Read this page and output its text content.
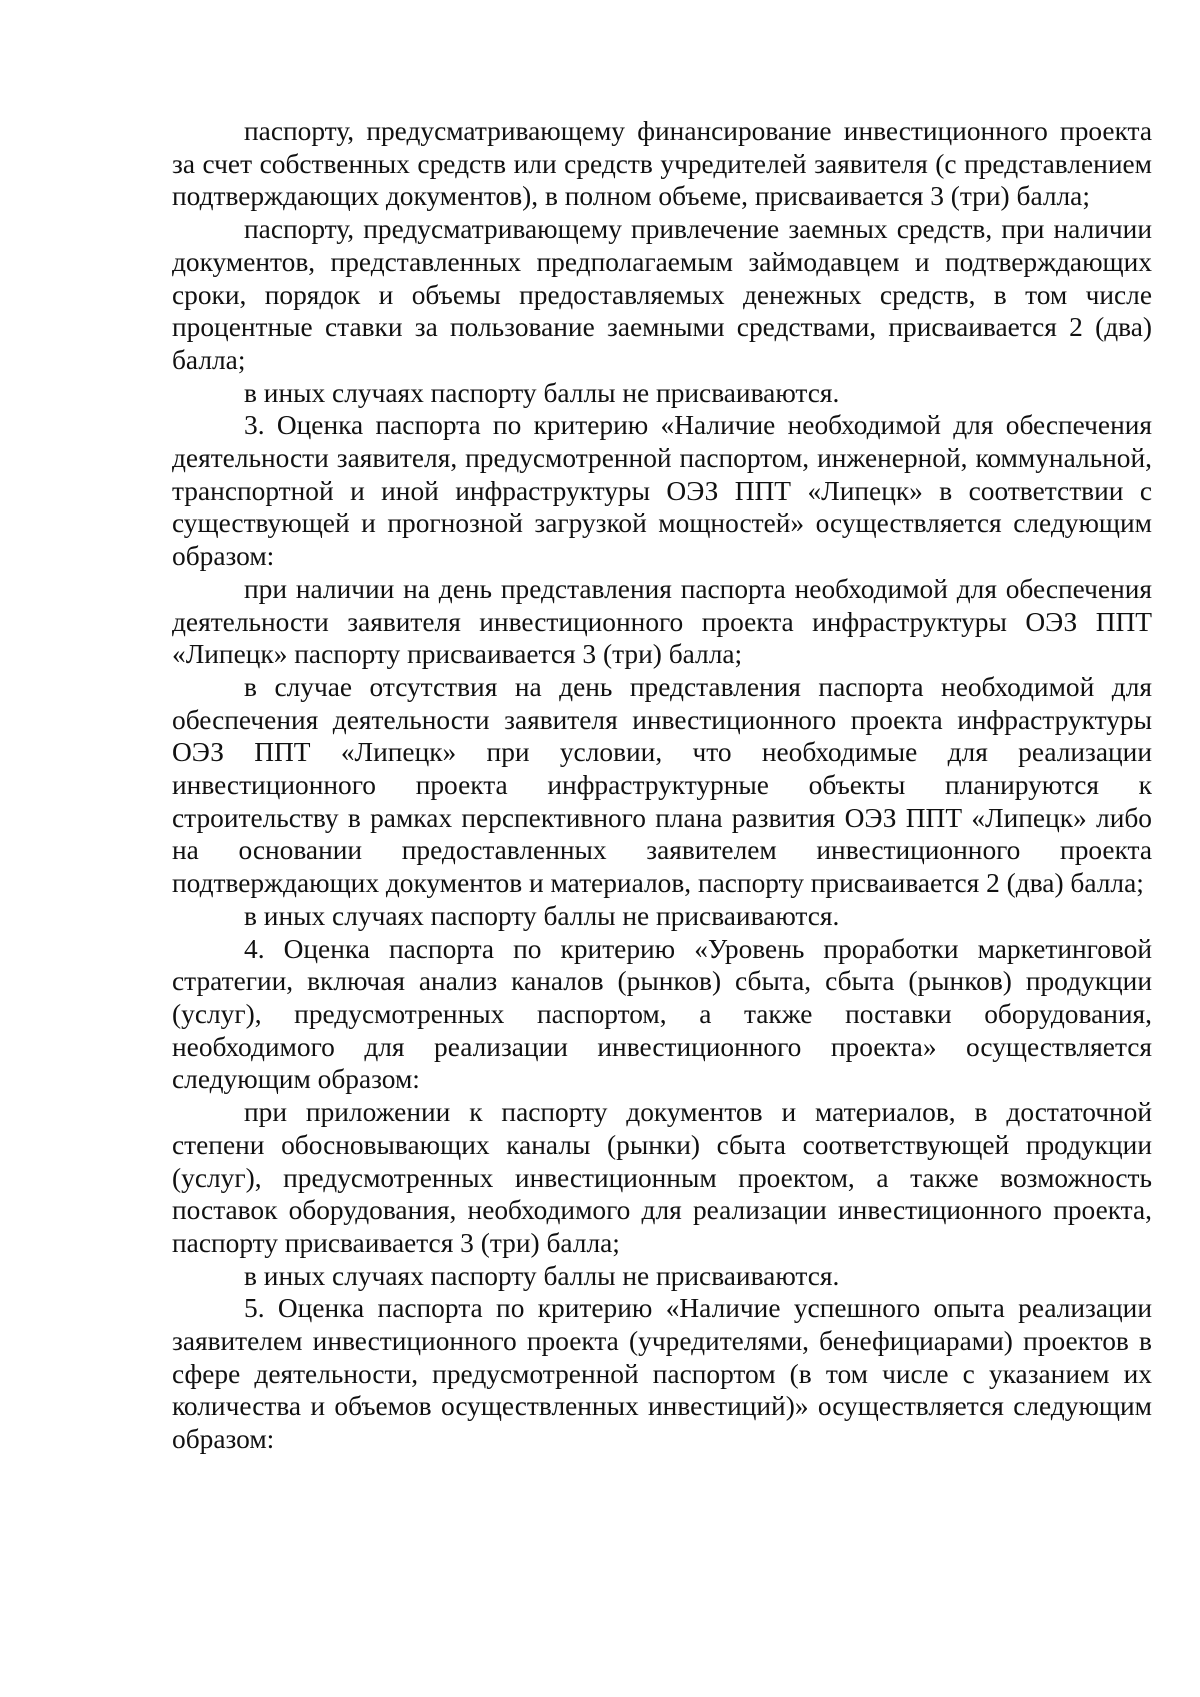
паспорту, предусматривающему финансирование инвестиционного проекта за счет собственных средств или средств учредителей заявителя (с представлением подтверждающих документов), в полном объеме, присваивается 3 (три) балла;

паспорту, предусматривающему привлечение заемных средств, при наличии документов, представленных предполагаемым займодавцем и подтверждающих сроки, порядок и объемы предоставляемых денежных средств, в том числе процентные ставки за пользование заемными средствами, присваивается 2 (два) балла;

в иных случаях паспорту баллы не присваиваются.

3. Оценка паспорта по критерию «Наличие необходимой для обеспечения деятельности заявителя, предусмотренной паспортом, инженерной, коммунальной, транспортной и иной инфраструктуры ОЭЗ ППТ «Липецк» в соответствии с существующей и прогнозной загрузкой мощностей» осуществляется следующим образом:

при наличии на день представления паспорта необходимой для обеспечения деятельности заявителя инвестиционного проекта инфраструктуры ОЭЗ ППТ «Липецк» паспорту присваивается 3 (три) балла;

в случае отсутствия на день представления паспорта необходимой для обеспечения деятельности заявителя инвестиционного проекта инфраструктуры ОЭЗ ППТ «Липецк» при условии, что необходимые для реализации инвестиционного проекта инфраструктурные объекты планируются к строительству в рамках перспективного плана развития ОЭЗ ППТ «Липецк» либо на основании предоставленных заявителем инвестиционного проекта подтверждающих документов и материалов, паспорту присваивается 2 (два) балла;

в иных случаях паспорту баллы не присваиваются.

4. Оценка паспорта по критерию «Уровень проработки маркетинговой стратегии, включая анализ каналов (рынков) сбыта, сбыта (рынков) продукции (услуг), предусмотренных паспортом, а также поставки оборудования, необходимого для реализации инвестиционного проекта» осуществляется следующим образом:

при приложении к паспорту документов и материалов, в достаточной степени обосновывающих каналы (рынки) сбыта соответствующей продукции (услуг), предусмотренных инвестиционным проектом, а также возможность поставок оборудования, необходимого для реализации инвестиционного проекта, паспорту присваивается 3 (три) балла;

в иных случаях паспорту баллы не присваиваются.

5. Оценка паспорта по критерию «Наличие успешного опыта реализации заявителем инвестиционного проекта (учредителями, бенефициарами) проектов в сфере деятельности, предусмотренной паспортом (в том числе с указанием их количества и объемов осуществленных инвестиций)» осуществляется следующим образом:
